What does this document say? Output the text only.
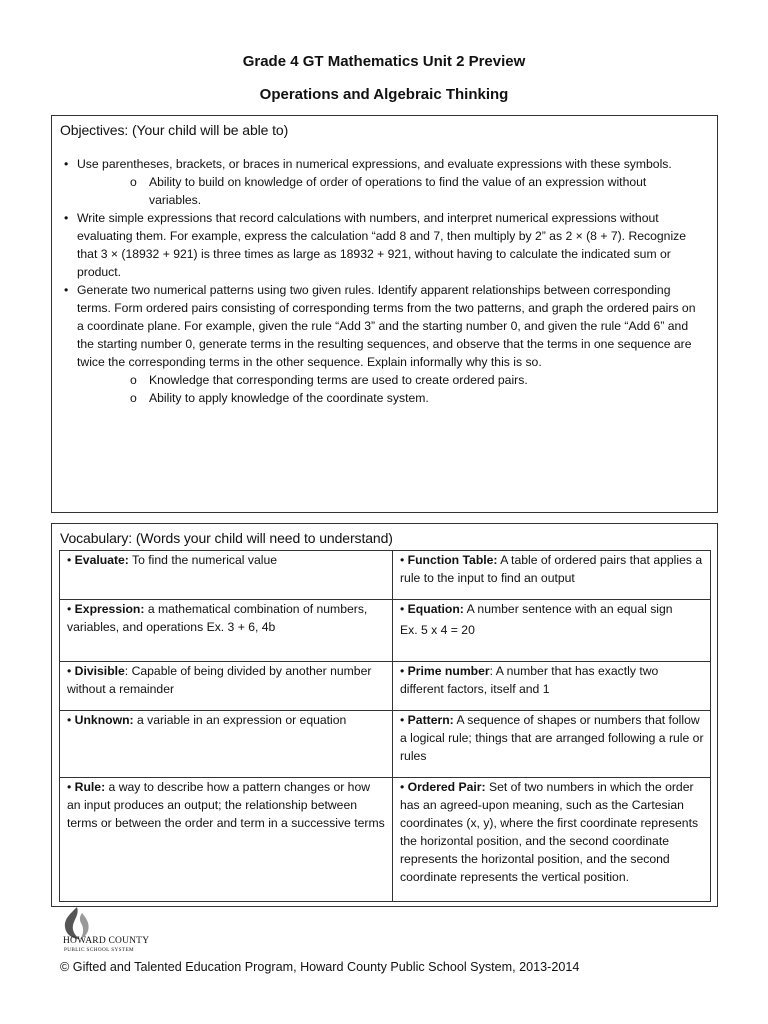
Grade 4 GT Mathematics Unit 2 Preview
Operations and Algebraic Thinking
Objectives: (Your child will be able to)
• Use parentheses, brackets, or braces in numerical expressions, and evaluate expressions with these symbols.
o Ability to build on knowledge of order of operations to find the value of an expression without variables.
• Write simple expressions that record calculations with numbers, and interpret numerical expressions without evaluating them. For example, express the calculation “add 8 and 7, then multiply by 2” as 2 × (8 + 7). Recognize that 3 × (18932 + 921) is three times as large as 18932 + 921, without having to calculate the indicated sum or product.
• Generate two numerical patterns using two given rules. Identify apparent relationships between corresponding terms. Form ordered pairs consisting of corresponding terms from the two patterns, and graph the ordered pairs on a coordinate plane. For example, given the rule “Add 3” and the starting number 0, and given the rule “Add 6” and the starting number 0, generate terms in the resulting sequences, and observe that the terms in one sequence are twice the corresponding terms in the other sequence. Explain informally why this is so.
o Knowledge that corresponding terms are used to create ordered pairs.
o Ability to apply knowledge of the coordinate system.
Vocabulary: (Words your child will need to understand)
• Evaluate: To find the numerical value	• Function Table: A table of ordered pairs that applies a rule to the input to find an output
• Expression: a mathematical combination of numbers, variables, and operations Ex. 3 + 6, 4b	• Equation: A number sentence with an equal sign
Ex. 5 x 4 = 20

• Divisible: Capable of being divided by another number without a remainder	• Prime number: A number that has exactly two different factors, itself and 1
• Unknown: a variable in an expression or equation	• Pattern: A sequence of shapes or numbers that follow a logical rule; things that are arranged following a rule or rules
• Rule: a way to describe how a pattern changes or how an input produces an output; the relationship between terms or between the order and term in a successive terms	• Ordered Pair: Set of two numbers in which the order has an agreed-upon meaning, such as the Cartesian coordinates (x, y), where the first coordinate represents the horizontal position, and the second coordinate represents the horizontal position, and the second coordinate represents the vertical position.
HOWARD COUNTY
PUBLIC SCHOOL SYSTEM
© Gifted and Talented Education Program, Howard County Public School System, 2013-2014
